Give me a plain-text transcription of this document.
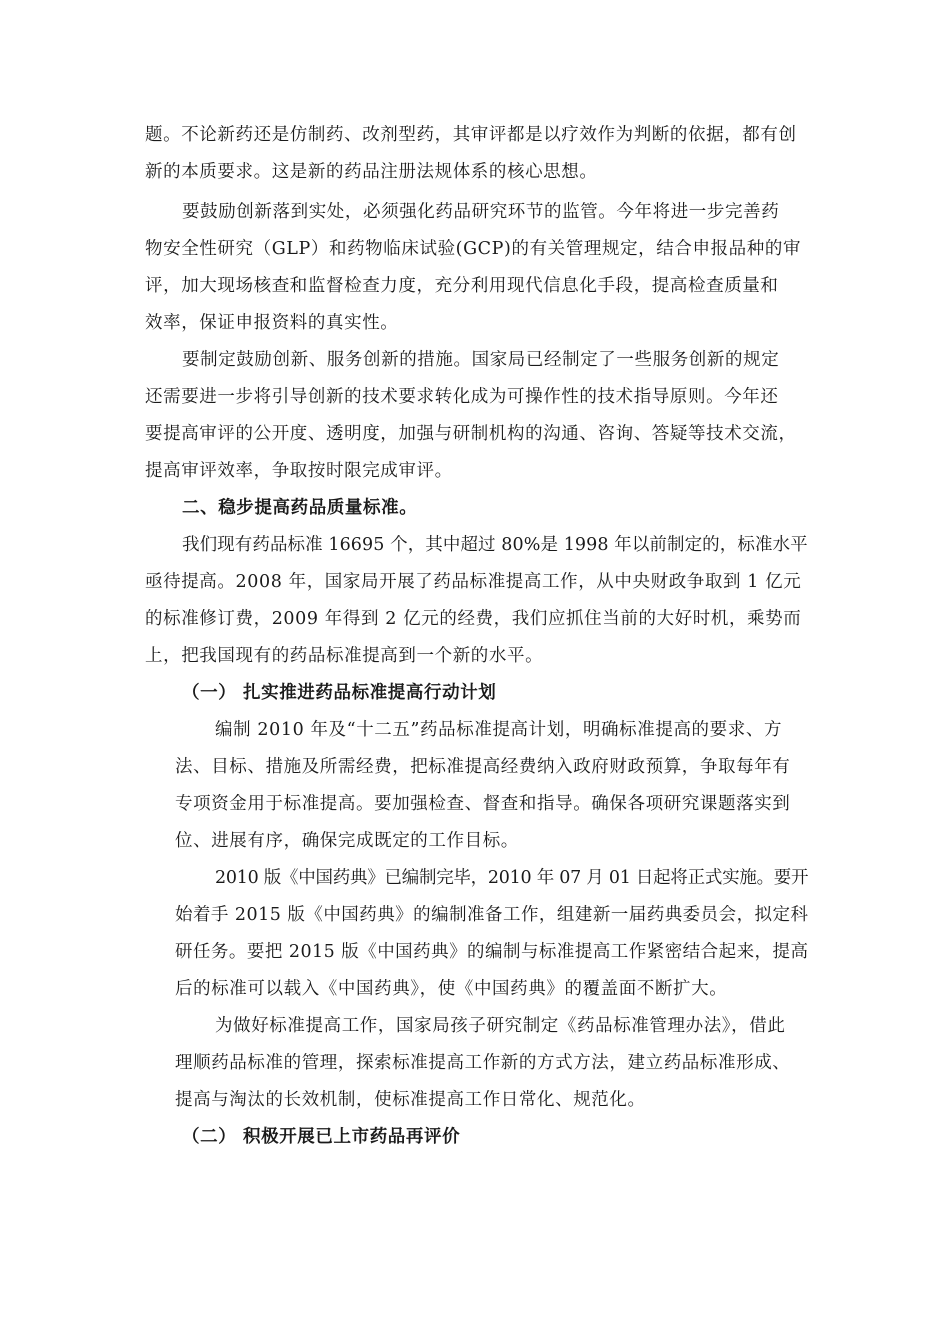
题。不论新药还是仿制药、改剂型药，其审评都是以疗效作为判断的依据，都有创
新的本质要求。这是新的药品注册法规体系的核心思想。
要鼓励创新落到实处，必须强化药品研究环节的监管。今年将进一步完善药
物安全性研究（GLP）和药物临床试验(GCP)的有关管理规定，结合申报品种的审
评，加大现场核查和监督检查力度，充分利用现代信息化手段，提高检查质量和
效率，保证申报资料的真实性。
要制定鼓励创新、服务创新的措施。国家局已经制定了一些服务创新的规定
还需要进一步将引导创新的技术要求转化成为可操作性的技术指导原则。今年还
要提高审评的公开度、透明度，加强与研制机构的沟通、咨询、答疑等技术交流，
提高审评效率，争取按时限完成审评。
二、稳步提高药品质量标准。
我们现有药品标准 16695 个，其中超过 80%是 1998 年以前制定的，标准水平
亟待提高。2008 年，国家局开展了药品标准提高工作，从中央财政争取到 1 亿元
的标准修订费，2009 年得到 2 亿元的经费，我们应抓住当前的大好时机，乘势而
上，把我国现有的药品标准提高到一个新的水平。
（一） 扎实推进药品标准提高行动计划
编制 2010 年及“十二五”药品标准提高计划，明确标准提高的要求、方
法、目标、措施及所需经费，把标准提高经费纳入政府财政预算，争取每年有
专项资金用于标准提高。要加强检查、督查和指导。确保各项研究课题落实到
位、进展有序，确保完成既定的工作目标。
2010 版《中国药典》已编制完毕，2010 年 07 月 01 日起将正式实施。要开
始着手 2015 版《中国药典》的编制准备工作，组建新一届药典委员会，拟定科
研任务。要把 2015 版《中国药典》的编制与标准提高工作紧密结合起来，提高
后的标准可以载入《中国药典》，使《中国药典》的覆盖面不断扩大。
为做好标准提高工作，国家局孩子研究制定《药品标准管理办法》，借此
理顺药品标准的管理，探索标准提高工作新的方式方法，建立药品标准形成、
提高与淘汰的长效机制，使标准提高工作日常化、规范化。
（二） 积极开展已上市药品再评价
